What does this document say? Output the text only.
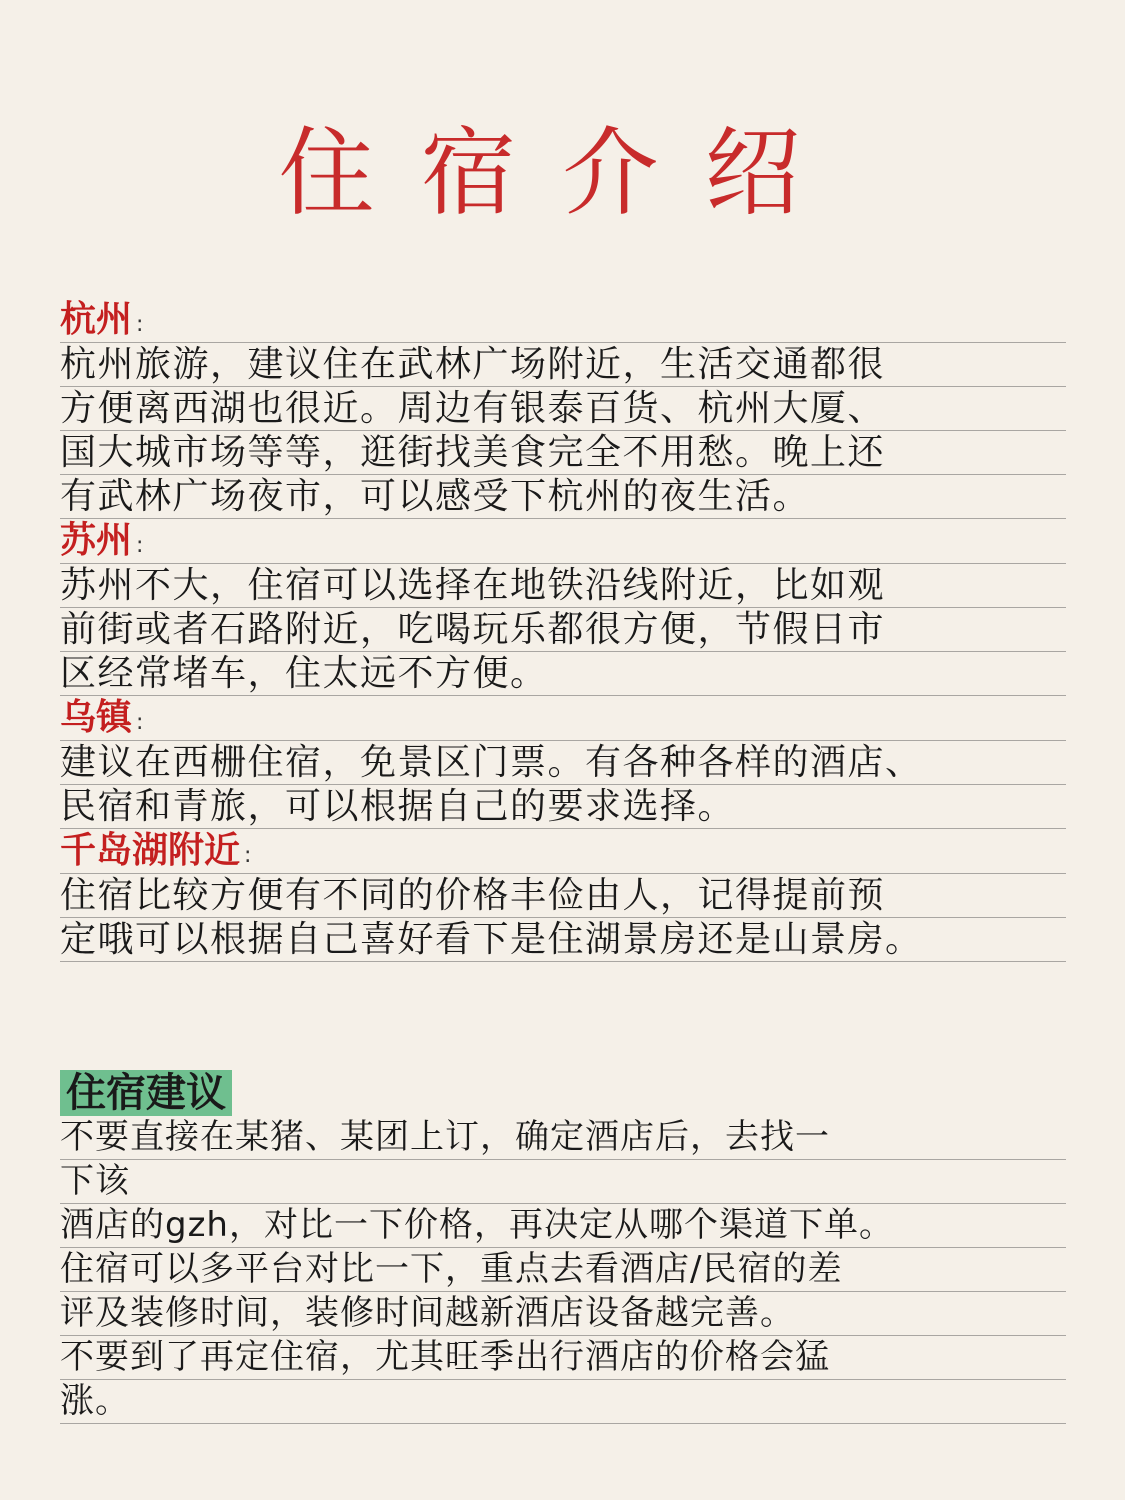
住宿介绍
杭州 :
杭州旅游，建议住在武林广场附近，生活交通都很
方便离西湖也很近。周边有银泰百货、杭州大厦、
国大城市场等等，逛街找美食完全不用愁。晚上还
有武林广场夜市，可以感受下杭州的夜生活。
苏州 :
苏州不大，住宿可以选择在地铁沿线附近，比如观
前街或者石路附近，吃喝玩乐都很方便，节假日市
区经常堵车，住太远不方便。
乌镇 :
建议在西栅住宿，免景区门票。有各种各样的酒店、
民宿和青旅，可以根据自己的要求选择。
千岛湖附近 :
住宿比较方便有不同的价格丰俭由人，记得提前预
定哦可以根据自己喜好看下是住湖景房还是山景房。
住宿建议
不要直接在某猪、某团上订，确定酒店后，去找一
下该
酒店的gzh，对比一下价格，再决定从哪个渠道下单。
住宿可以多平台对比一下，重点去看酒店/民宿的差
评及装修时间，装修时间越新酒店设备越完善。
不要到了再定住宿，尤其旺季出行酒店的价格会猛
涨。
